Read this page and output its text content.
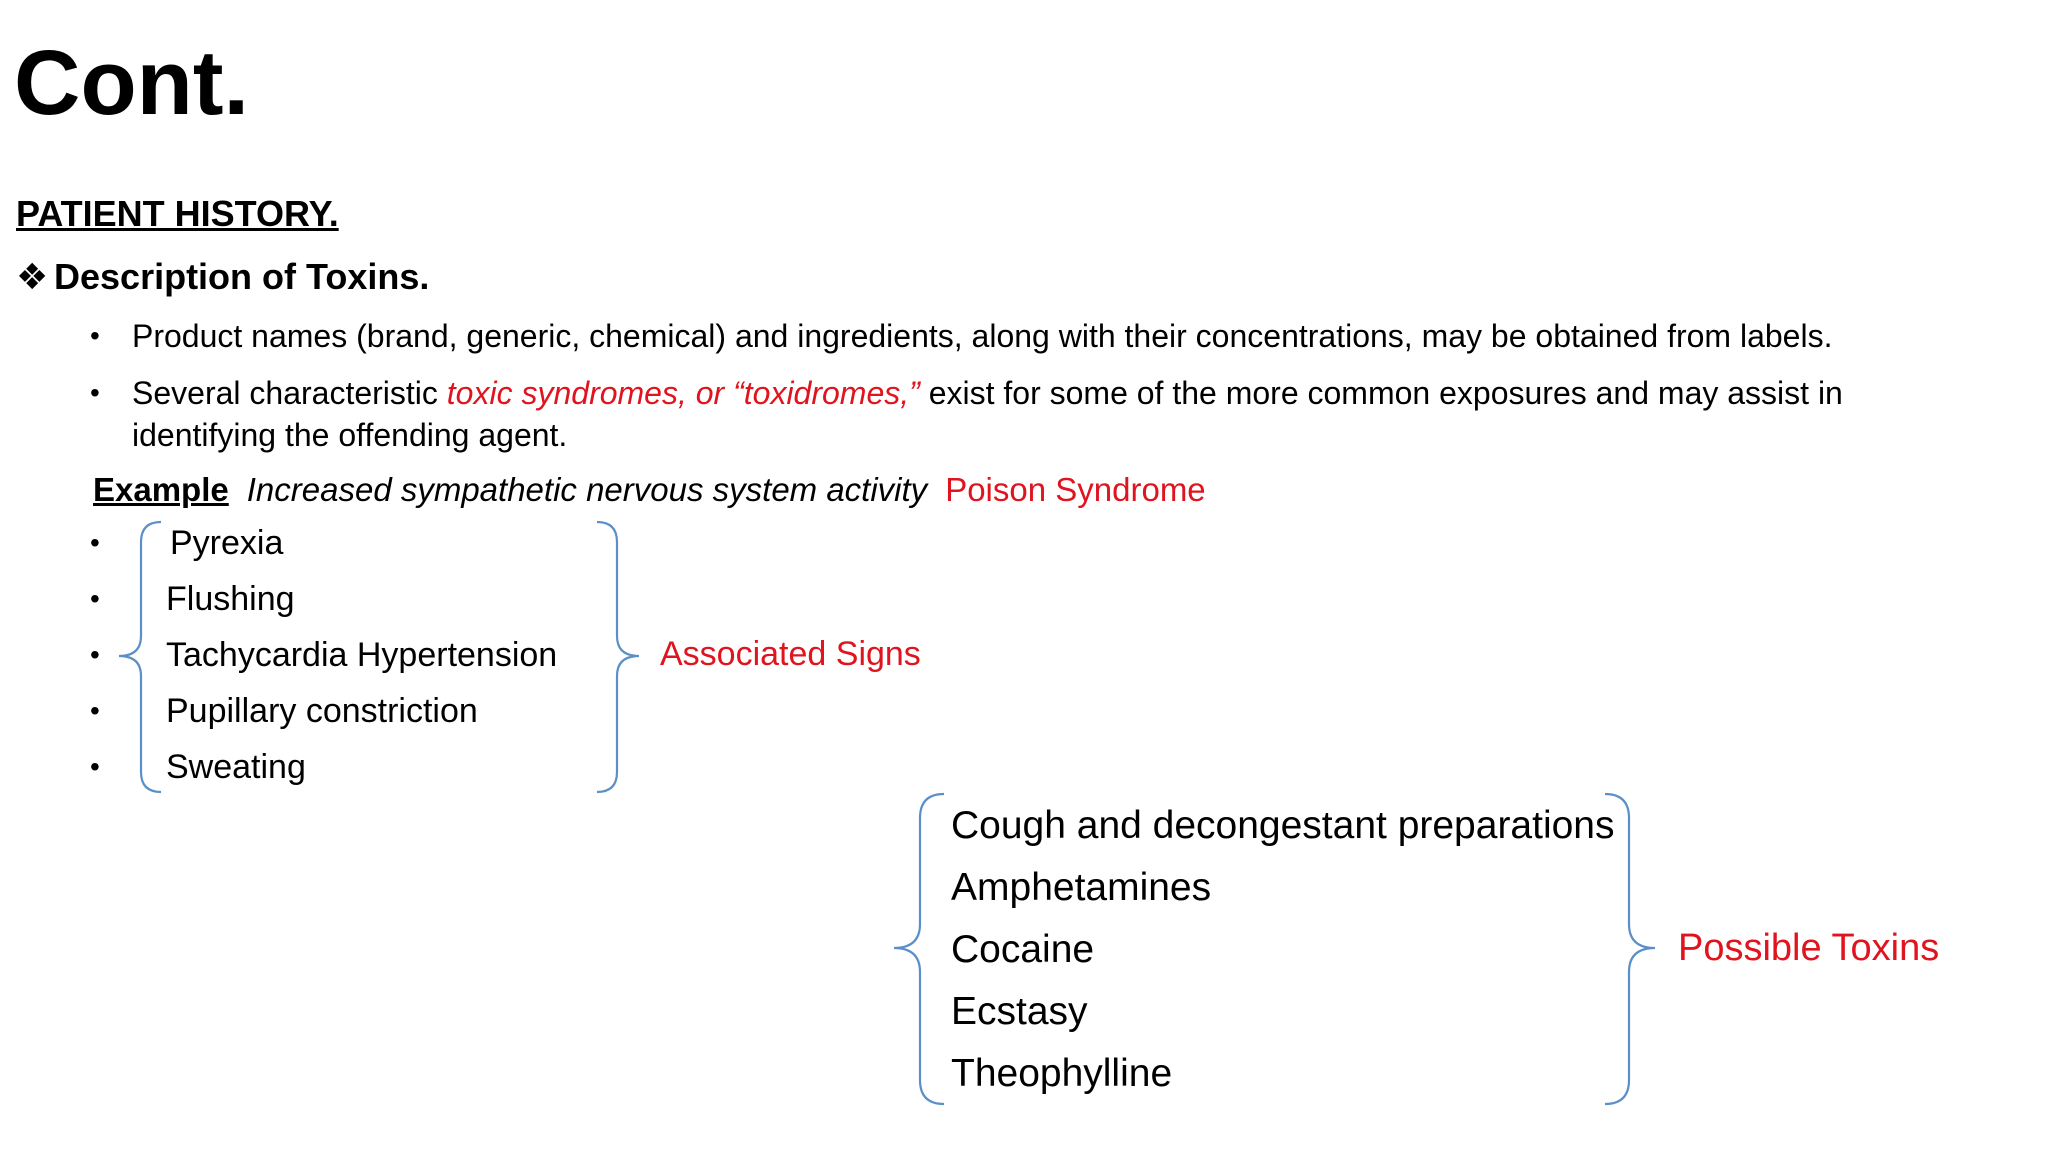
Cont.
PATIENT HISTORY.
❖ Description of Toxins.
• Product names (brand, generic, chemical) and ingredients, along with their concentrations, may be obtained from labels.
• Several characteristic toxic syndromes, or “toxidromes,” exist for some of the more common exposures and may assist in
identifying the offending agent.
Example Increased sympathetic nervous system activity Poison Syndrome
• Pyrexia
• Flushing
• Tachycardia Hypertension
• Pupillary constriction
• Sweating
Associated Signs
Cough and decongestant preparations
Amphetamines
Cocaine
Ecstasy
Theophylline
Possible Toxins
